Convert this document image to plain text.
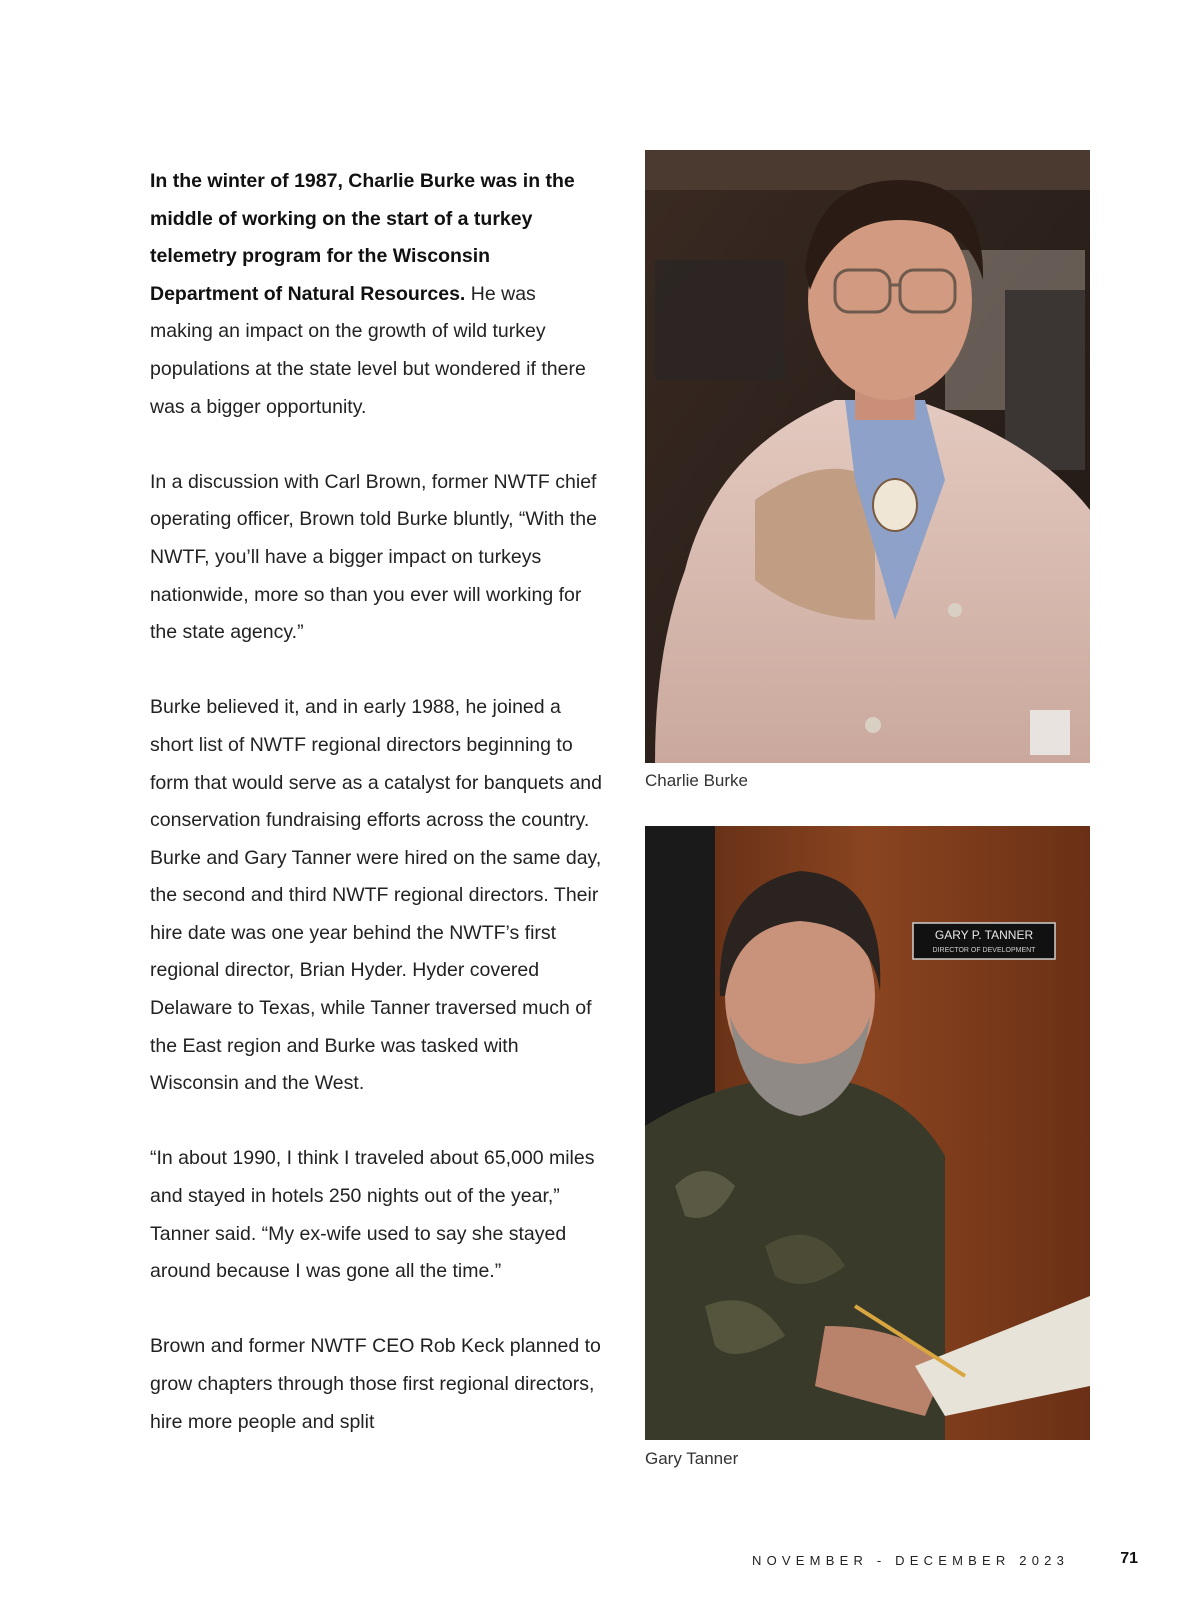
In the winter of 1987, Charlie Burke was in the middle of working on the start of a turkey telemetry program for the Wisconsin Department of Natural Resources. He was making an impact on the growth of wild turkey populations at the state level but wondered if there was a bigger opportunity.

In a discussion with Carl Brown, former NWTF chief operating officer, Brown told Burke bluntly, “With the NWTF, you’ll have a bigger impact on turkeys nationwide, more so than you ever will working for the state agency.”

Burke believed it, and in early 1988, he joined a short list of NWTF regional directors beginning to form that would serve as a catalyst for banquets and conservation fundraising efforts across the country. Burke and Gary Tanner were hired on the same day, the second and third NWTF regional directors. Their hire date was one year behind the NWTF’s first regional director, Brian Hyder. Hyder covered Delaware to Texas, while Tanner traversed much of the East region and Burke was tasked with Wisconsin and the West.

“In about 1990, I think I traveled about 65,000 miles and stayed in hotels 250 nights out of the year,” Tanner said. “My ex-wife used to say she stayed around because I was gone all the time.”

Brown and former NWTF CEO Rob Keck planned to grow chapters through those first regional directors, hire more people and split

Charlie Burke
GARY P. TANNER
DIRECTOR OF DEVELOPMENT
Gary Tanner
NOVEMBER - DECEMBER 2023	71
